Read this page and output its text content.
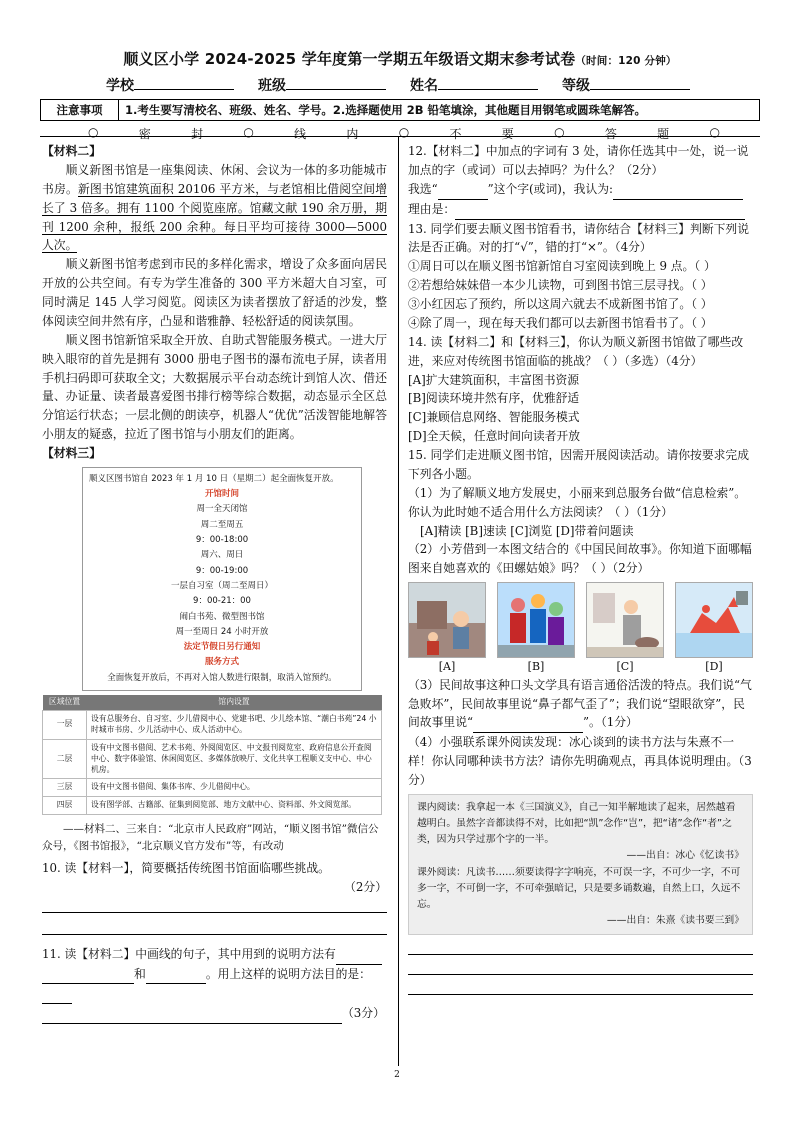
顺义区小学 2024-2025 学年度第一学期五年级语文期末参考试卷（时间：120 分钟）
学校	班级	姓名	等级
注意事项	1.考生要写清校名、班级、姓名、学号。2.选择题使用 2B 铅笔填涂，其他题目用钢笔或圆珠笔解答。
○	密	封	○	线	内	○	不	要	○	答	题	○
【材料二】
顺义新图书馆是一座集阅读、休闲、会议为一体的多功能城市书房。新图书馆建筑面积 20106 平方米，与老馆相比借阅空间增长了 3 倍多。拥有 1100 个阅览座席。馆藏文献 190 余万册，期刊 1200 余种，报纸 200 余种。每日平均可接待 3000—5000 人次。
顺义新图书馆考虑到市民的多样化需求，增设了众多面向居民开放的公共空间。有专为学生准备的 300 平方米超大自习室，可同时满足 145 人学习阅览。阅读区为读者摆放了舒适的沙发，整体阅读空间井然有序，凸显和谐雅静、轻松舒适的阅读氛围。
顺义图书馆新馆采取全开放、自助式智能服务模式。一进大厅映入眼帘的首先是拥有 3000 册电子图书的瀑布流电子屏，读者用手机扫码即可获取全文；大数据展示平台动态统计到馆人次、借还量、办证量、读者最喜爱图书排行榜等综合数据，动态显示全区总分馆运行状态；一层北侧的朗读亭，机器人“优优”活泼智能地解答小朋友的疑惑，拉近了图书馆与小朋友们的距离。
【材料三】
顺义区图书馆自 2023 年 1 月 10 日（星期二）起全面恢复开放。
开馆时间
周一全天闭馆
周二至周五
9：00-18:00
周六、周日
9：00-19:00
一层自习室（周二至周日）
9：00-21：00
闹白书苑、微型图书馆
周一至周日 24 小时开放
法定节假日另行通知
服务方式
全面恢复开放后，不再对入馆人数进行限制，取消入馆预约。
区域位置	馆内设置
一层	设有总服务台、自习室、少儿借阅中心、党建书吧、少儿绘本馆、“潮白书苑”24 小时城市书房、少儿活动中心、成人活动中心。
二层	设有中文图书借阅、艺术书苑、外阅阅览区、中文报刊阅览室、政府信息公开查阅中心、数字体验馆、休闲阅览区、多媒体放映厅、文化共享工程顺义支中心、中心机房。
三层	设有中文图书借阅、集体书库、少儿借阅中心。
四层	设有图学部、古籍部、征集到阅览部、地方文献中心、资料部、外文阅览部。
——材料二、三来自：“北京市人民政府”网站，“顺义图书馆”微信公众号，《图书馆报》，“北京顺义官方发布”等，有改动
10. 读【材料一】，简要概括传统图书馆面临哪些挑战。
（2分）
11. 读【材料二】中画线的句子，其中用到的说明方法有
和	。用上这样的说明方法目的是：
（3分）
12.【材料二】中加点的字词有 3 处，请你任选其中一处，说一说加点的字（或词）可以去掉吗？为什么？（2分）
我选“	”这个字(或词)，我认为:
理由是：
13. 同学们要去顺义图书馆看书，请你结合【材料三】判断下列说法是否正确。对的打“√”，错的打“×”。（4分）
①周日可以在顺义图书馆新馆自习室阅读到晚上 9 点。（ ）
②若想给妹妹借一本少儿读物，可到图书馆三层寻找。（ ）
③小红因忘了预约，所以这周六就去不成新图书馆了。（ ）
④除了周一，现在每天我们都可以去新图书馆看书了。（ ）
14. 读【材料二】和【材料三】，你认为顺义新图书馆做了哪些改进，来应对传统图书馆面临的挑战？（ ）（多选）（4分）
[A]扩大建筑面积，丰富图书资源
[B]阅读环境井然有序，优雅舒适
[C]兼顾信息网络、智能服务模式
[D]全天候，任意时间向读者开放
15. 同学们走进顺义图书馆，因需开展阅读活动。请你按要求完成下列各小题。
（1）为了解顺义地方发展史，小丽来到总服务台做“信息检索”。你认为此时她不适合用什么方法阅读？（ ）（1分）
[A]精读 [B]速读 [C]浏览 [D]带着问题读
（2）小芳借到一本图文结合的《中国民间故事》。你知道下面哪幅图来自她喜欢的《田螺姑娘》吗？（ ）（2分）
[A]	[B]	[C]	[D]
（3）民间故事这种口头文学具有语言通俗活泼的特点。我们说“气急败坏”，民间故事里说“鼻子都气歪了”；我们说“望眼欲穿”，民间故事里说“	”。（1分）
（4）小强联系课外阅读发现：冰心谈到的读书方法与朱熹不一样！你认同哪种读书方法？请你先明确观点，再具体说明理由。（3分）
课内阅读：我拿起一本《三国演义》，自己一知半解地读了起来，居然越看越明白。虽然字音都读得不对，比如把“凯”念作“岂”，把“诸”念作“者”之类，因为只学过那个字的一半。
——出自：冰心《忆读书》
课外阅读：凡读书……须要读得字字响亮，不可误一字，不可少一字，不可多一字，不可倒一字，不可牵强暗记，只是要多诵数遍，自然上口，久远不忘。
——出自：朱熹《读书要三到》
2
